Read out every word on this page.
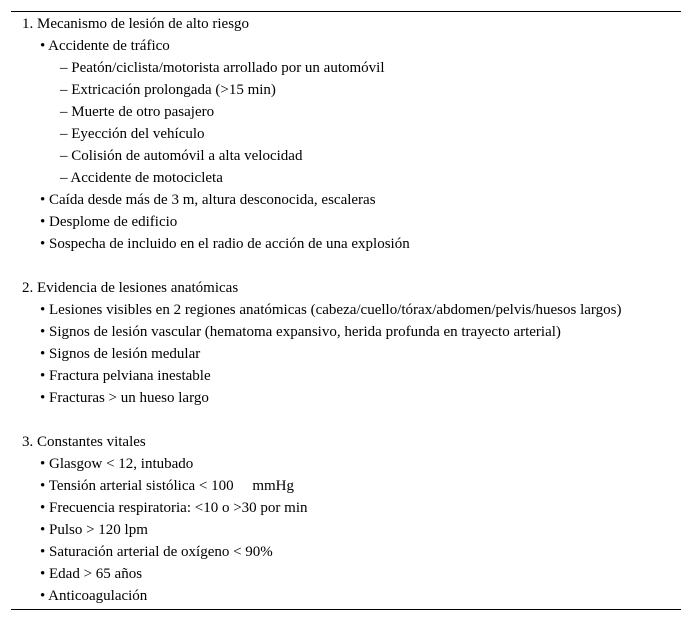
1. Mecanismo de lesión de alto riesgo
• Accidente de tráfico
– Peatón/ciclista/motorista arrollado por un automóvil
– Extricación prolongada (>15 min)
– Muerte de otro pasajero
– Eyección del vehículo
– Colisión de automóvil a alta velocidad
– Accidente de motocicleta
• Caída desde más de 3 m, altura desconocida, escaleras
• Desplome de edificio
• Sospecha de incluido en el radio de acción de una explosión
2. Evidencia de lesiones anatómicas
• Lesiones visibles en 2 regiones anatómicas (cabeza/cuello/tórax/abdomen/pelvis/huesos largos)
• Signos de lesión vascular (hematoma expansivo, herida profunda en trayecto arterial)
• Signos de lesión medular
• Fractura pelviana inestable
• Fracturas > un hueso largo
3. Constantes vitales
• Glasgow < 12, intubado
• Tensión arterial sistólica < 100     mmHg
• Frecuencia respiratoria: <10 o >30 por min
• Pulso > 120 lpm
• Saturación arterial de oxígeno < 90%
• Edad > 65 años
• Anticoagulación
